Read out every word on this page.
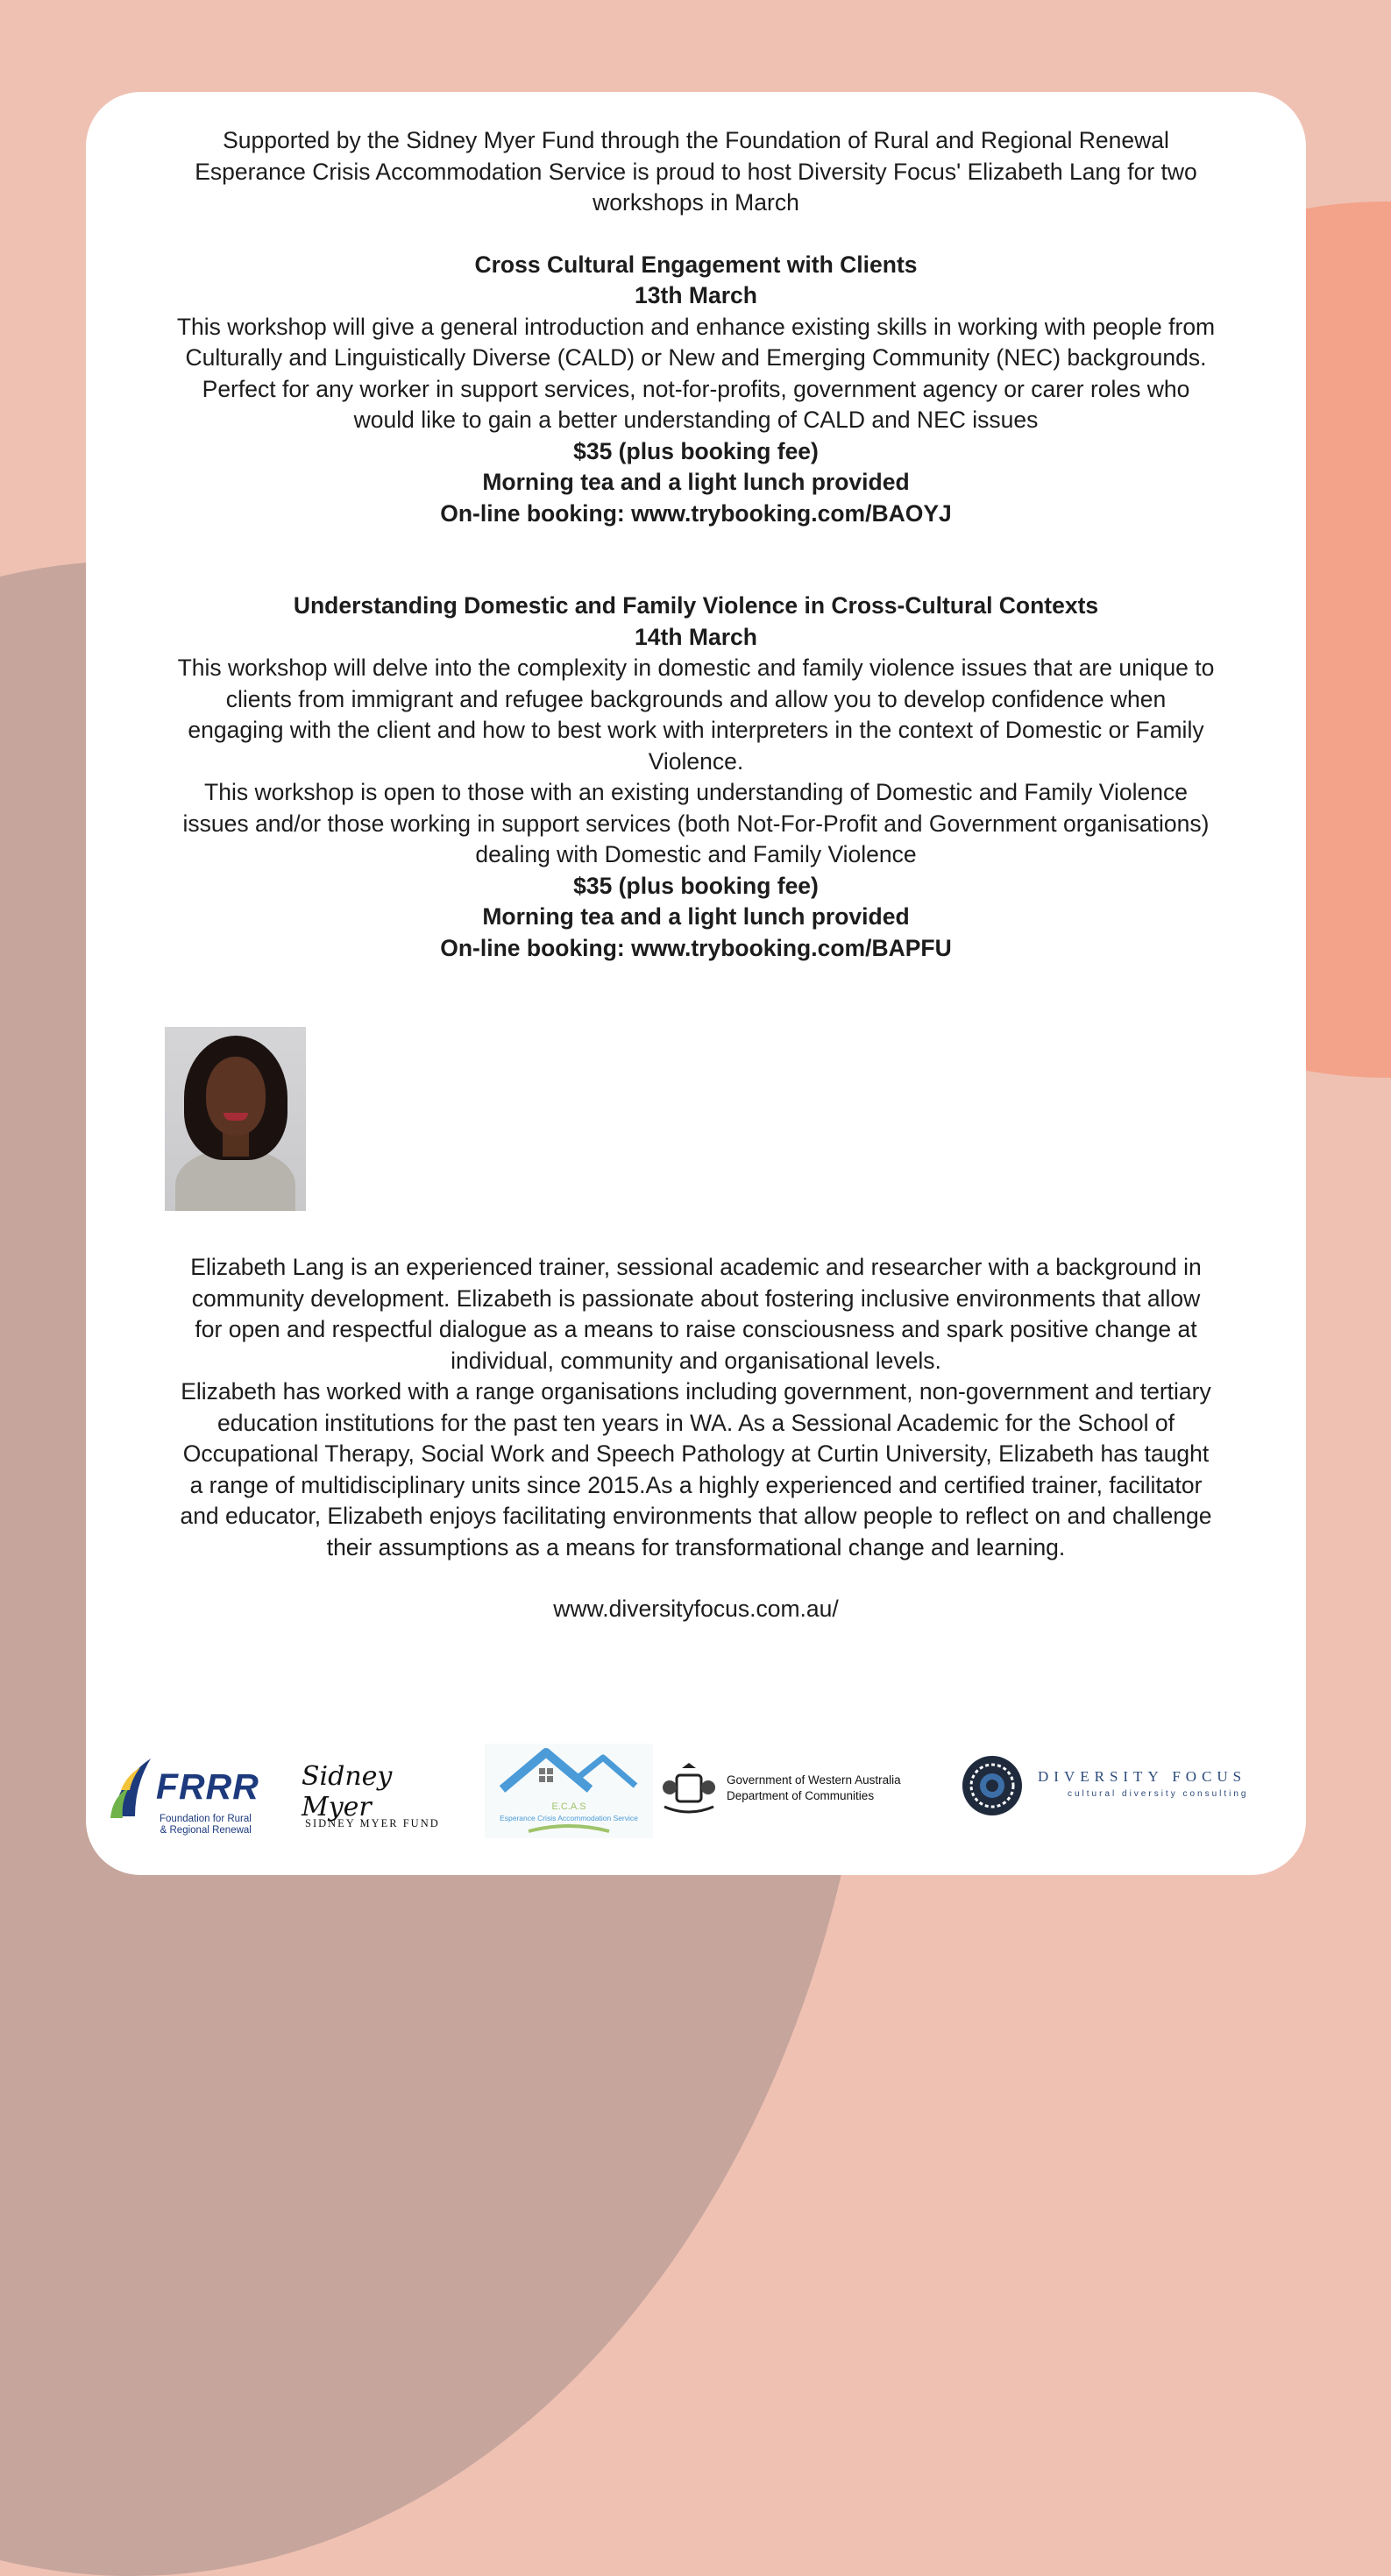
Supported by the Sidney Myer Fund through the Foundation of Rural and Regional Renewal

Esperance Crisis Accommodation Service is proud to host Diversity Focus' Elizabeth Lang for two

workshops in March

Cross Cultural Engagement with Clients

13th March

This workshop will give a general introduction and enhance existing skills in working with people from

Culturally and Linguistically Diverse (CALD) or New and Emerging Community (NEC) backgrounds.

Perfect for any worker in support services, not-for-profits, government agency or carer roles who

would like to gain a better understanding of CALD and NEC issues

$35 (plus booking fee)

Morning tea and a light lunch provided

On-line booking: www.trybooking.com/BAOYJ

Understanding Domestic and Family Violence in Cross-Cultural Contexts

14th March

This workshop will delve into the complexity in domestic and family violence issues that are unique to

clients from immigrant and refugee backgrounds and allow you to develop confidence when

engaging with the client and how to best work with interpreters in the context of Domestic or Family

Violence.

This workshop is open to those with an existing understanding of Domestic and Family Violence

issues and/or those working in support services (both Not-For-Profit and Government organisations)

dealing with Domestic and Family Violence

$35 (plus booking fee)

Morning tea and a light lunch provided

On-line booking: www.trybooking.com/BAPFU

Elizabeth Lang is an experienced trainer, sessional academic and researcher with a background in

community development. Elizabeth is passionate about fostering inclusive environments that allow

for open and respectful dialogue as a means to raise consciousness and spark positive change at

individual, community and organisational levels.

Elizabeth has worked with a range organisations including government, non-government and tertiary

education institutions for the past ten years in WA. As a Sessional Academic for the School of

Occupational Therapy, Social Work and Speech Pathology at Curtin University, Elizabeth has taught

a range of multidisciplinary units since 2015.As a highly experienced and certified trainer, facilitator

and educator, Elizabeth enjoys facilitating environments that allow people to reflect on and challenge

their assumptions as a means for transformational change and learning.

www.diversityfocus.com.au/

FRRR
Foundation for Rural
& Regional Renewal
Sidney Myer
SIDNEY MYER FUND
E.C.A.S
Esperance Crisis Accommodation Service
Government of Western Australia
Department of Communities
DIVERSITY FOCUS
cultural diversity consulting
